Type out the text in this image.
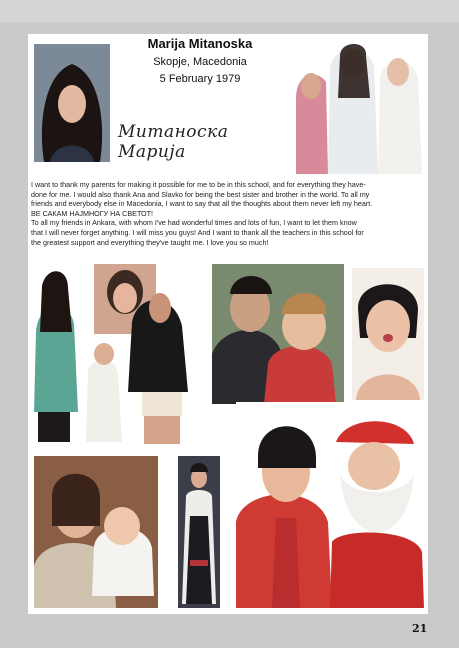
Marija Mitanoska
Skopje, Macedonia
5 February 1979
Митаноска Марија

I want to thank my parents for making it possible for me to be in this school, and for everything they have-

done for me. I would also thank Ana and Slavko for being the best sister and brother in the world. To all my

friends and everybody else in Macedonia, I want to say that all the thoughts about them never left my heart.

ВЕ САКАМ НАЈМНОГУ НА СВЕТОТ!

To all my friends in Ankara, with whom I've had wonderful times and lots of fun, I want to let them know

that I will never forget anything. I will miss you guys! And I want to thank all the teachers in this school for

the greatest support and everything they've taught me. I love you so much!

21
